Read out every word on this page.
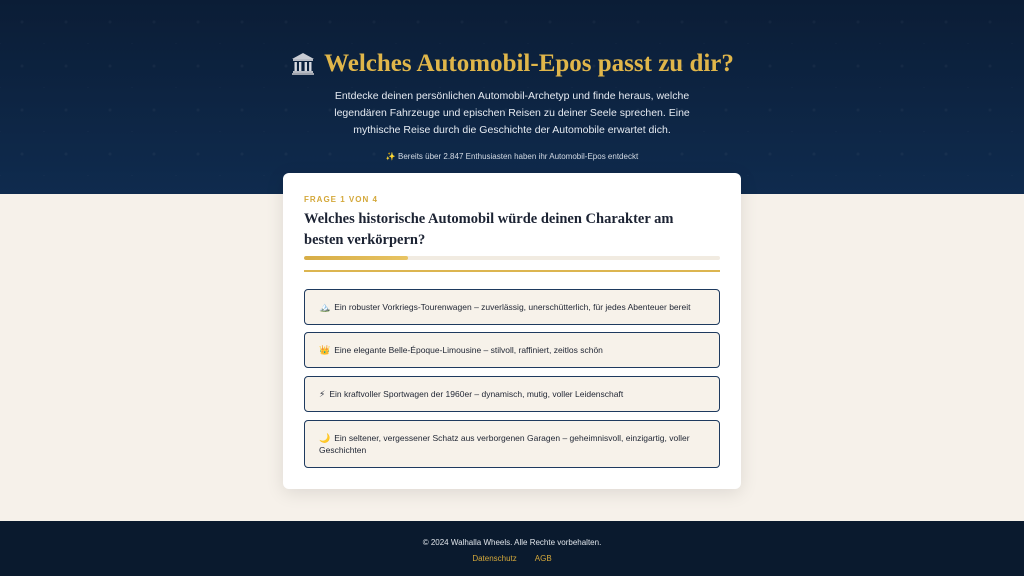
Welches Automobil-Epos passt zu dir?

Entdecke deinen persönlichen Automobil-Archetyp und finde heraus, welche legendären Fahrzeuge und epischen Reisen zu deiner Seele sprechen. Eine mythische Reise durch die Geschichte der Automobile erwartet dich.

✨ Bereits über 2.847 Enthusiasten haben ihr Automobil-Epos entdeckt

FRAGE 1 VON 4
Welches historische Automobil würde deinen Charakter am besten verkörpern?
🏔️ Ein robuster Vorkriegs-Tourenwagen – zuverlässig, unerschütterlich, für jedes Abenteuer bereit
👑 Eine elegante Belle-Époque-Limousine – stilvoll, raffiniert, zeitlos schön
⚡ Ein kraftvoller Sportwagen der 1960er – dynamisch, mutig, voller Leidenschaft
🌙 Ein seltener, vergessener Schatz aus verborgenen Garagen – geheimnisvoll, einzigartig, voller Geschichten

© 2024 Walhalla Wheels. Alle Rechte vorbehalten.

Datenschutz AGB
